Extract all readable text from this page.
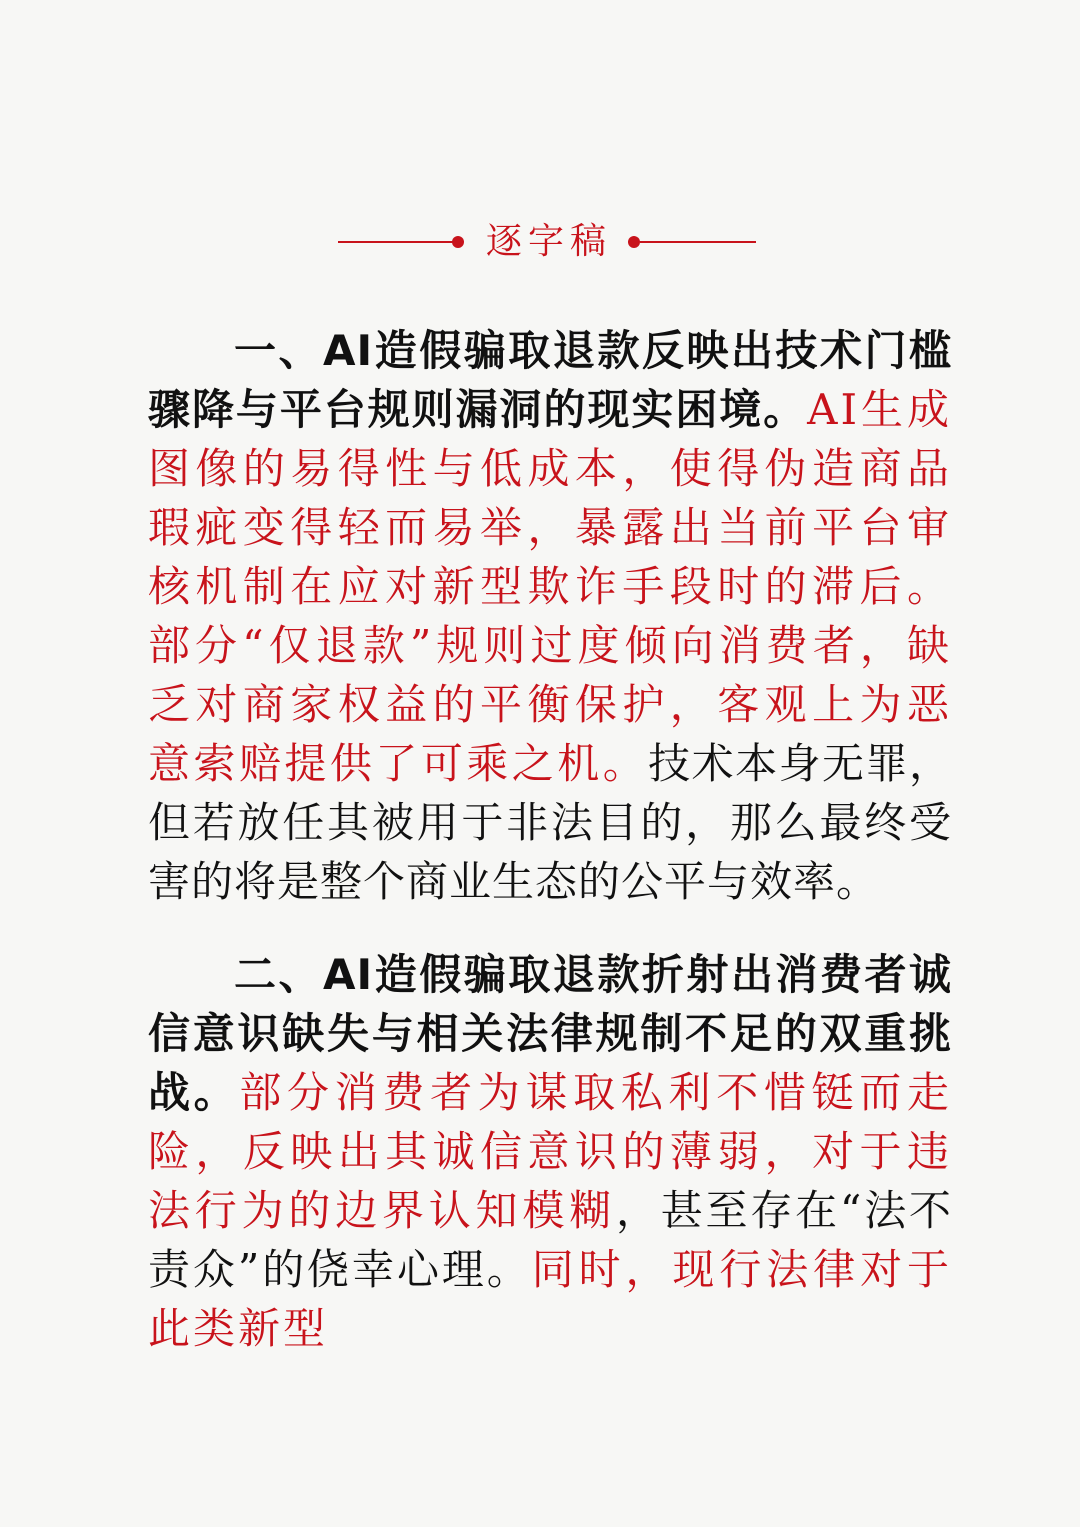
逐字稿

一、AI造假骗取退款反映出技术门槛骤降与平台规则漏洞的现实困境。AI生成图像的易得性与低成本，使得伪造商品瑕疵变得轻而易举，暴露出当前平台审核机制在应对新型欺诈手段时的滞后。部分“仅退款”规则过度倾向消费者，缺乏对商家权益的平衡保护，客观上为恶意索赔提供了可乘之机。技术本身无罪，但若放任其被用于非法目的，那么最终受害的将是整个商业生态的公平与效率。

二、AI造假骗取退款折射出消费者诚信意识缺失与相关法律规制不足的双重挑战。部分消费者为谋取私利不惜铤而走险，反映出其诚信意识的薄弱，对于违法行为的边界认知模糊，甚至存在“法不责众”的侥幸心理。同时，现行法律对于此类新型
